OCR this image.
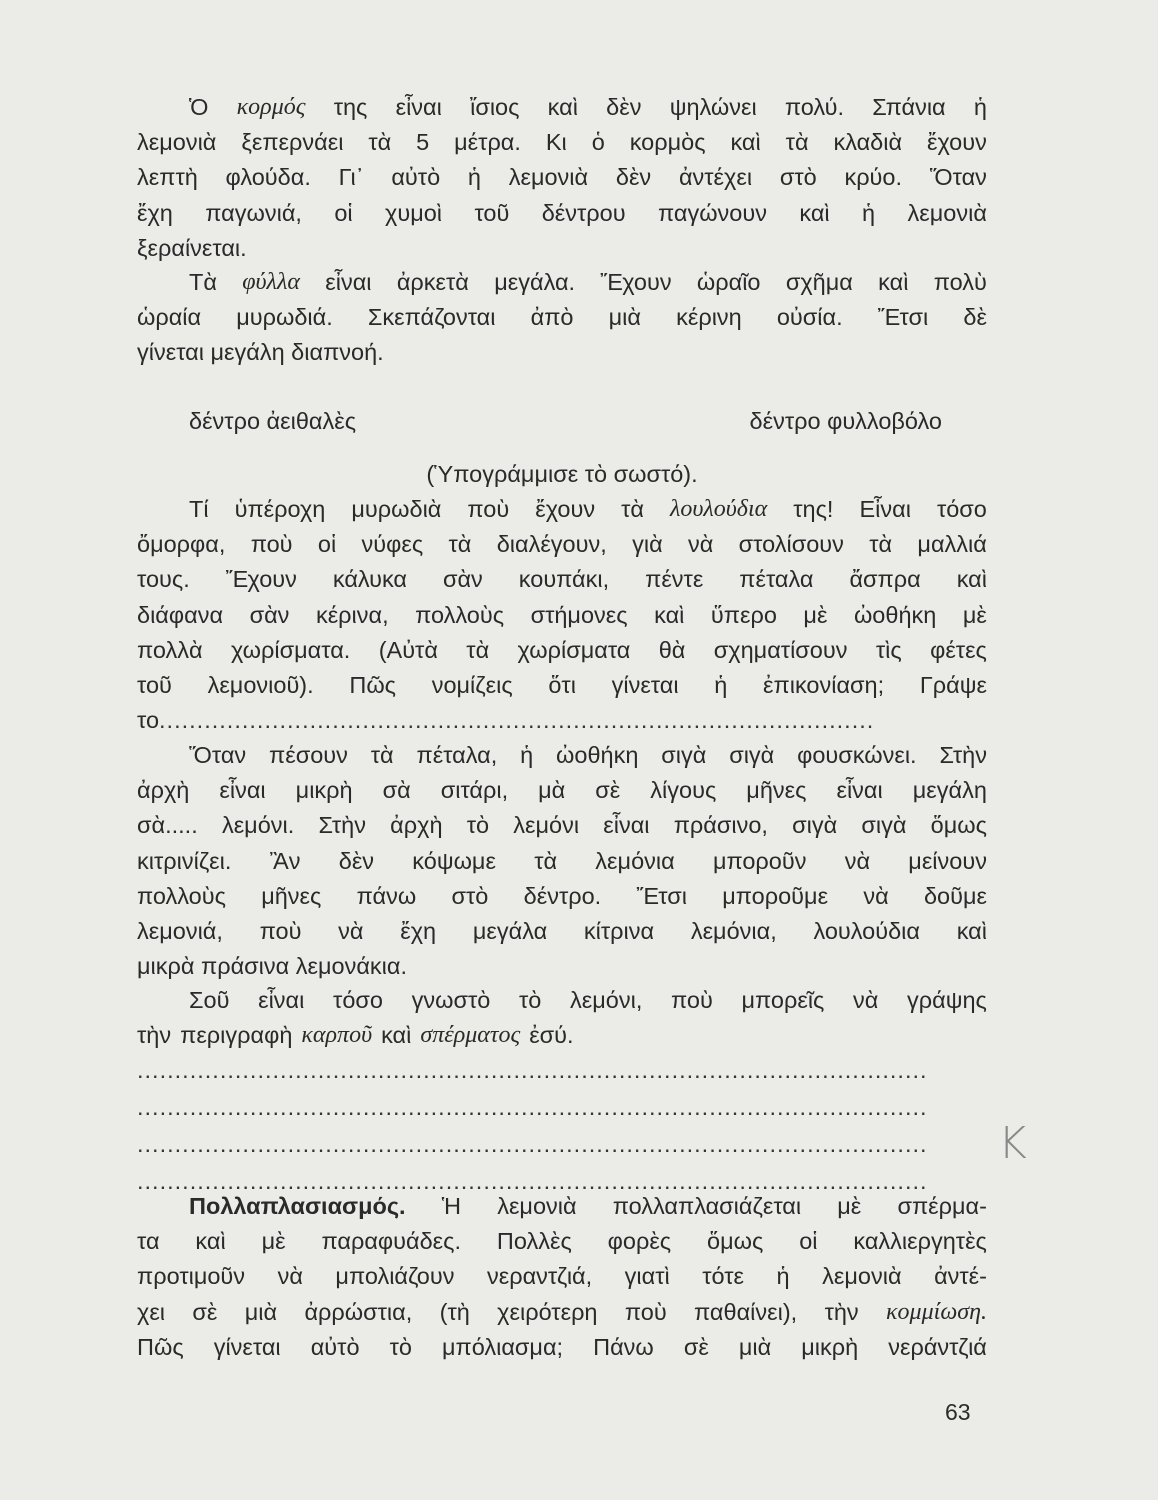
Ὁ κορμός της εἶναι ἴσιος καὶ δὲν ψηλώνει πολύ. Σπάνια ἡ
λεμονιὰ ξεπερνάει τὰ 5 μέτρα. Κι ὁ κορμὸς καὶ τὰ κλαδιὰ ἔχουν
λεπτὴ φλούδα. Γι᾽ αὐτὸ ἡ λεμονιὰ δὲν ἀντέχει στὸ κρύο. Ὅταν
ἔχη παγωνιά, οἱ χυμοὶ τοῦ δέντρου παγώνουν καὶ ἡ λεμονιὰ
ξεραίνεται.
Τὰ φύλλα εἶναι ἀρκετὰ μεγάλα. Ἔχουν ὡραῖο σχῆμα καὶ πολὺ
ὡραία μυρωδιά. Σκεπάζονται ἀπὸ μιὰ κέρινη οὐσία. Ἔτσι δὲ
γίνεται μεγάλη διαπνοή.
δέντρο ἀειθαλὲς	δέντρο φυλλοβόλο
(Ὑπογράμμισε τὸ σωστό).
Τί ὑπέροχη μυρωδιὰ ποὺ ἔχουν τὰ λουλούδια της! Εἶναι τόσο
ὄμορφα, ποὺ οἱ νύφες τὰ διαλέγουν, γιὰ νὰ στολίσουν τὰ μαλλιά
τους. Ἔχουν κάλυκα σὰν κουπάκι, πέντε πέταλα ἄσπρα καὶ
διάφανα σὰν κέρινα, πολλοὺς στήμονες καὶ ὕπερο μὲ ὠοθήκη μὲ
πολλὰ χωρίσματα. (Αὐτὰ τὰ χωρίσματα θὰ σχηματίσουν τὶς φέτες
τοῦ λεμονιοῦ). Πῶς νομίζεις ὅτι γίνεται ἡ ἐπικονίαση; Γράψε
το ...............................................................................................
Ὅταν πέσουν τὰ πέταλα, ἡ ὠοθήκη σιγὰ σιγὰ φουσκώνει. Στὴν
ἀρχὴ εἶναι μικρὴ σὰ σιτάρι, μὰ σὲ λίγους μῆνες εἶναι μεγάλη
σὰ..... λεμόνι. Στὴν ἀρχὴ τὸ λεμόνι εἶναι πράσινο, σιγὰ σιγὰ ὅμως
κιτρινίζει. Ἂν δὲν κόψωμε τὰ λεμόνια μποροῦν νὰ μείνουν
πολλοὺς μῆνες πάνω στὸ δέντρο. Ἔτσι μποροῦμε νὰ δοῦμε
λεμονιά, ποὺ νὰ ἔχη μεγάλα κίτρινα λεμόνια, λουλούδια καὶ
μικρὰ πράσινα λεμονάκια.
Σοῦ εἶναι τόσο γνωστὸ τὸ λεμόνι, ποὺ μπορεῖς νὰ γράψης
τὴν περιγραφὴ καρποῦ καὶ σπέρματος ἐσύ.
.........................................................................................................
.........................................................................................................
.........................................................................................................
.........................................................................................................
Πολλαπλασιασμός. Ἡ λεμονιὰ πολλαπλασιάζεται μὲ σπέρμα-
τα καὶ μὲ παραφυάδες. Πολλὲς φορὲς ὅμως οἱ καλλιεργητὲς
προτιμοῦν νὰ μπολιάζουν νεραντζιά, γιατὶ τότε ἡ λεμονιὰ ἀντέ-
χει σὲ μιὰ ἀρρώστια, (τὴ χειρότερη ποὺ παθαίνει), τὴν κομμίωση.
Πῶς γίνεται αὐτὸ τὸ μπόλιασμα; Πάνω σὲ μιὰ μικρὴ νεράντζιά
63
K
